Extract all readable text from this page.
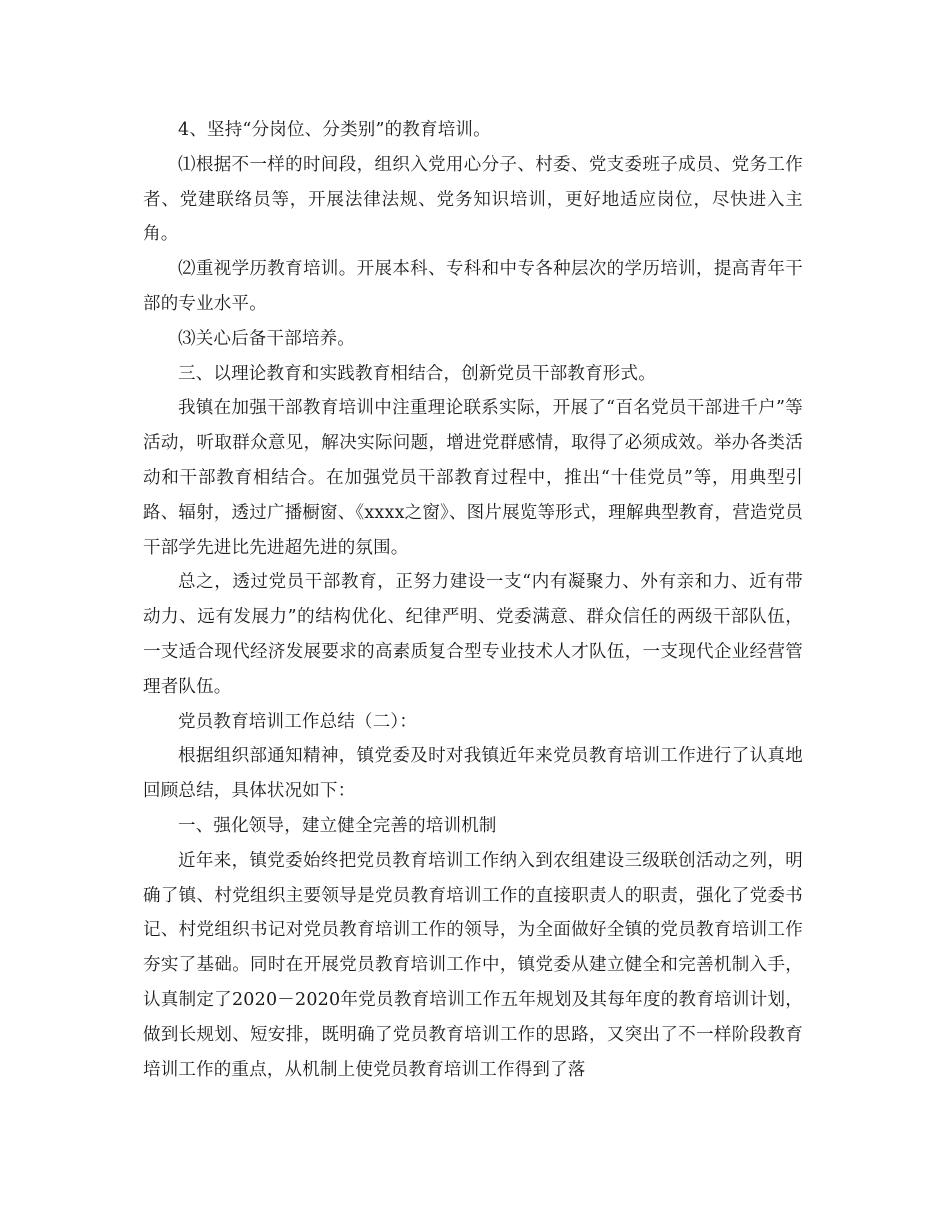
4、坚持“分岗位、分类别”的教育培训。

⑴根据不一样的时间段，组织入党用心分子、村委、党支委班子成员、党务工作者、党建联络员等，开展法律法规、党务知识培训，更好地适应岗位，尽快进入主角。

⑵重视学历教育培训。开展本科、专科和中专各种层次的学历培训，提高青年干部的专业水平。

⑶关心后备干部培养。

三、以理论教育和实践教育相结合，创新党员干部教育形式。

我镇在加强干部教育培训中注重理论联系实际，开展了“百名党员干部进千户”等活动，听取群众意见，解决实际问题，增进党群感情，取得了必须成效。举办各类活动和干部教育相结合。在加强党员干部教育过程中，推出“十佳党员”等，用典型引路、辐射，透过广播橱窗、《xxxx之窗》、图片展览等形式，理解典型教育，营造党员干部学先进比先进超先进的氛围。

总之，透过党员干部教育，正努力建设一支“内有凝聚力、外有亲和力、近有带动力、远有发展力”的结构优化、纪律严明、党委满意、群众信任的两级干部队伍，一支适合现代经济发展要求的高素质复合型专业技术人才队伍，一支现代企业经营管理者队伍。

党员教育培训工作总结（二）：

根据组织部通知精神，镇党委及时对我镇近年来党员教育培训工作进行了认真地回顾总结，具体状况如下：

一、强化领导，建立健全完善的培训机制

近年来，镇党委始终把党员教育培训工作纳入到农组建设三级联创活动之列，明确了镇、村党组织主要领导是党员教育培训工作的直接职责人的职责，强化了党委书记、村党组织书记对党员教育培训工作的领导，为全面做好全镇的党员教育培训工作夯实了基础。同时在开展党员教育培训工作中，镇党委从建立健全和完善机制入手，认真制定了2020－2020年党员教育培训工作五年规划及其每年度的教育培训计划，做到长规划、短安排，既明确了党员教育培训工作的思路，又突出了不一样阶段教育培训工作的重点，从机制上使党员教育培训工作得到了落
